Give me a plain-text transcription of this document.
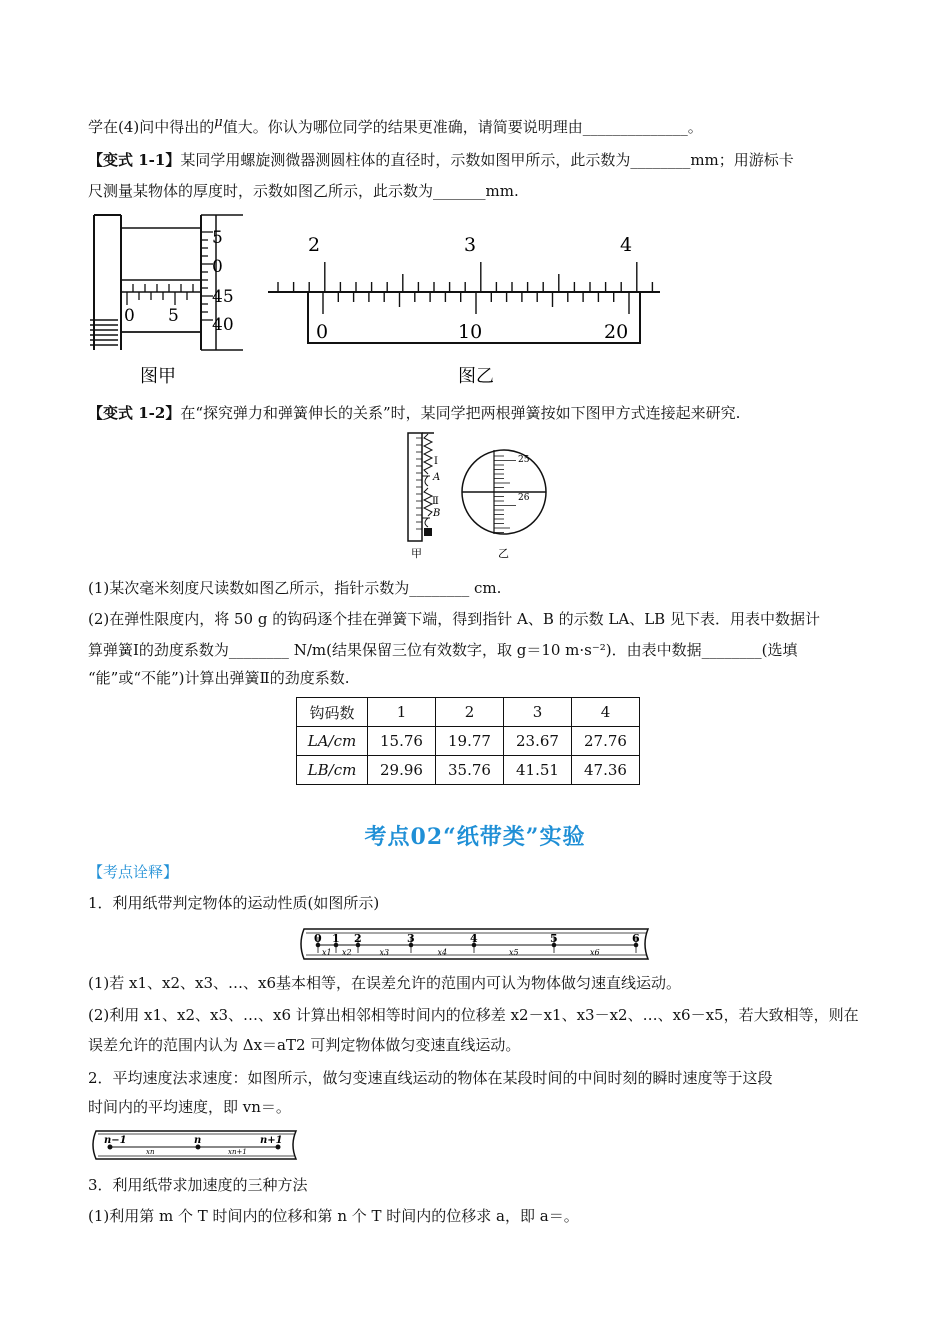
学在(4)问中得出的μ值大。你认为哪位同学的结果更准确，请简要说明理由______________。
【变式 1-1】某同学用螺旋测微器测圆柱体的直径时，示数如图甲所示，此示数为________mm；用游标卡
尺测量某物体的厚度时，示数如图乙所示，此示数为_______mm.
0 5
5
0
45
40
图甲
2	3	4
0	10	20
图乙
【变式 1-2】在“探究弹力和弹簧伸长的关系”时，某同学把两根弹簧按如下图甲方式连接起来研究.
Ⅰ
A
Ⅱ
B
甲
25
26
乙
(1)某次毫米刻度尺读数如图乙所示，指针示数为________ cm.
(2)在弹性限度内，将 50 g 的钩码逐个挂在弹簧下端，得到指针 A、B 的示数 LA、LB 见下表．用表中数据计
算弹簧Ⅰ的劲度系数为________ N/m(结果保留三位有效数字，取 g＝10 m·s⁻²)．由表中数据________(选填
“能”或“不能”)计算出弹簧Ⅱ的劲度系数.
钩码数	1	2	3	4
LA/cm	15.76	19.77	23.67	27.76
LB/cm	29.96	35.76	41.51	47.36
考点02“纸带类”实验
【考点诠释】
1．利用纸带判定物体的运动性质(如图所示)
0 1 2	3	4	5	6
x1 x2	x3	x4	x5	x6
(1)若 x1、x2、x3、…、x6基本相等，在误差允许的范围内可认为物体做匀速直线运动。
(2)利用 x1、x2、x3、…、x6 计算出相邻相等时间内的位移差 x2－x1、x3－x2、…、x6－x5，若大致相等，则在
误差允许的范围内认为 Δx＝aT2 可判定物体做匀变速直线运动。
2．平均速度法求速度：如图所示，做匀变速直线运动的物体在某段时间的中间时刻的瞬时速度等于这段
时间内的平均速度，即 vn＝。
n−1	n	n+1
xn	xn+1
3．利用纸带求加速度的三种方法
(1)利用第 m 个 T 时间内的位移和第 n 个 T 时间内的位移求 a，即 a＝。
